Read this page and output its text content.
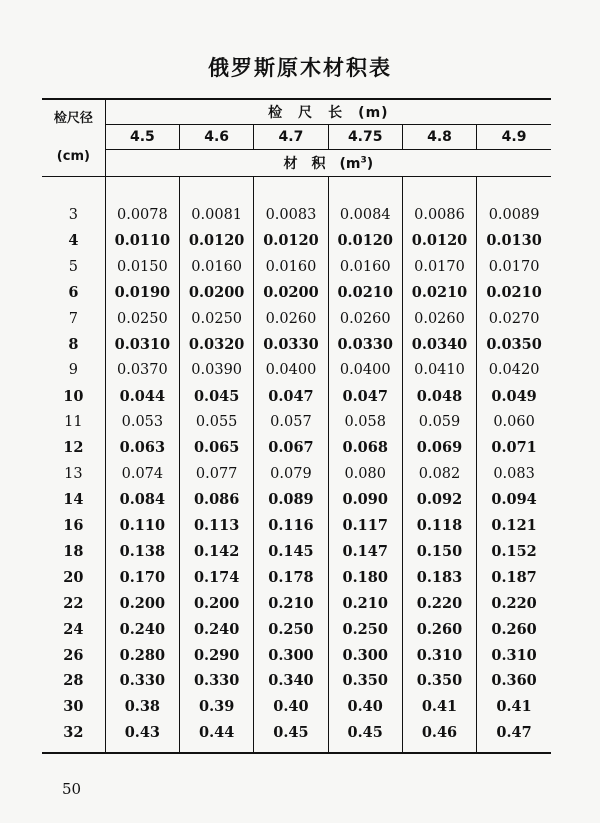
俄罗斯原木材积表
检尺径
(cm)	检　尺　长　(m)					
	4.5	4.6	4.7	4.75	4.8	4.9
	材　积　$(m^3)$					

3	0.0078	0.0081	0.0083	0.0084	0.0086	0.0089
4	0.0110	0.0120	0.0120	0.0120	0.0120	0.0130
5	0.0150	0.0160	0.0160	0.0160	0.0170	0.0170
6	0.0190	0.0200	0.0200	0.0210	0.0210	0.0210
7	0.0250	0.0250	0.0260	0.0260	0.0260	0.0270
8	0.0310	0.0320	0.0330	0.0330	0.0340	0.0350
9	0.0370	0.0390	0.0400	0.0400	0.0410	0.0420
10	0.044	0.045	0.047	0.047	0.048	0.049
11	0.053	0.055	0.057	0.058	0.059	0.060
12	0.063	0.065	0.067	0.068	0.069	0.071
13	0.074	0.077	0.079	0.080	0.082	0.083
14	0.084	0.086	0.089	0.090	0.092	0.094
16	0.110	0.113	0.116	0.117	0.118	0.121
18	0.138	0.142	0.145	0.147	0.150	0.152
20	0.170	0.174	0.178	0.180	0.183	0.187
22	0.200	0.200	0.210	0.210	0.220	0.220
24	0.240	0.240	0.250	0.250	0.260	0.260
26	0.280	0.290	0.300	0.300	0.310	0.310
28	0.330	0.330	0.340	0.350	0.350	0.360
30	0.38	0.39	0.40	0.40	0.41	0.41
32	0.43	0.44	0.45	0.45	0.46	0.47

50
